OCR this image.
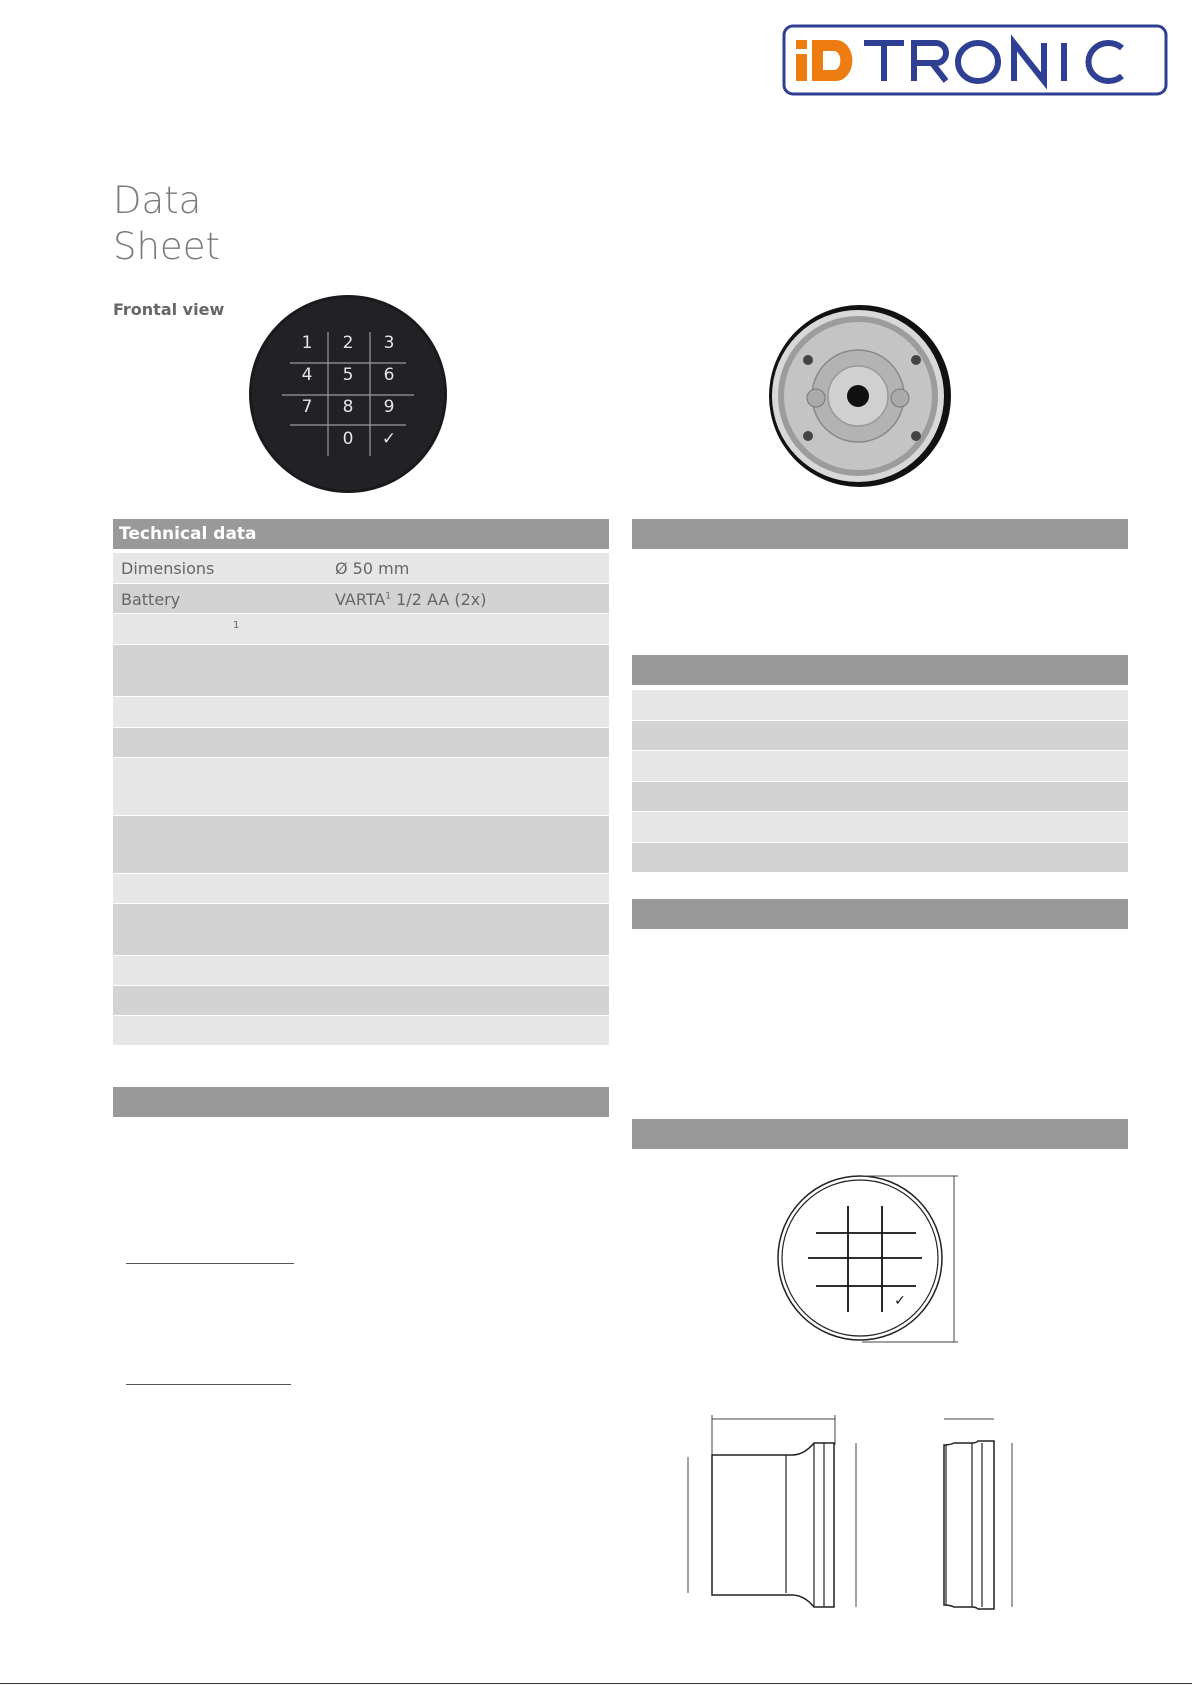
Data
Sheet
Frontal view
1 2 3
4 5 6
7 8 9
0 ✓
Technical data
Dimensions	Ø 50 mm
Battery	VARTA$^1$ 1/2 AA (2x)
1
✓
